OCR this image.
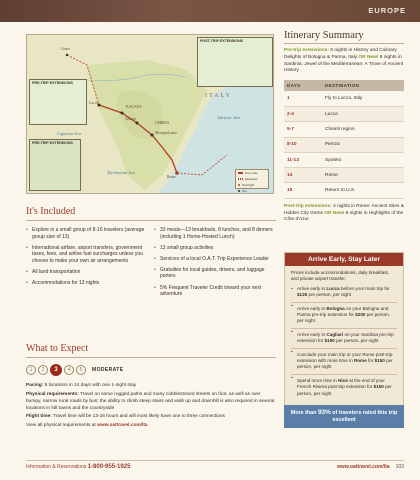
EUROPE
PRE-TRIP EXTENSIONS
PRE-TRIP EXTENSIONS
POST-TRIP EXTENSIONS
ITALY
TUSCANY
UMBRIA
Ligurian Sea
Tyrrhenian Sea
Adriatic Sea
Como
Lucca
Chianti
Montepulciano
Rome
Tour route
Extension
Overnight
City
Itinerary Summary

Pre-trip extensions: 6 nights in History and Culinary Delights of Bologna & Parma, Italy OR New! 6 nights in Sardinia: Jewel of the Mediterranean: A Trove of Ancient History

DAYS	DESTINATION
1	Fly to Lucca, Italy
2-4	Lucca
5-7	Chianti region
8-10	Pienza
11-13	Spoleto
14	Rome
15	Return to U.S.

Post-trip extensions: 4 nights in Rome: Ancient Sites & Hidden City Gems OR New! 6 nights in Highlights of the Côte d'Azur

Arrive Early, Stay Later

Prices include accommodations, daily breakfast, and private airport transfer.

• Arrive early in Lucca before your main trip for $125 per person, per night
• Arrive early in Bologna on your Bologna and Parma pre-trip extension for $200 per person, per night
• Arrive early in Cagliari on your Sardinia pre-trip extension for $150 per person, per night
• Conclude your main trip or your Rome post-trip extension with more time in Rome for $150 per person, per night
• Spend more time in Nice at the end of your French Riviera post-trip extension for $150 per person, per night
More than 93% of travelers rated this trip excellent
It's Included
• Explore in a small group of 8-16 travelers (average group size of 13)
• International airfare, airport transfers, government taxes, fees, and airline fuel surcharges unless you choose to make your own air arrangements
• All land transportation
• Accommodations for 13 nights
• 33 meals—13 breakfasts, 8 lunches, and 8 dinners (including 1 Home-Hosted Lunch)
• 13 small group activities
• Services of a local O.A.T. Trip Experience Leader
• Gratuities for local guides, drivers, and luggage porters
• 5% Frequent Traveler Credit toward your next adventure
What to Expect
1	2	3	4	5	MODERATE

Pacing: 5 locations in 14 days with one 1-night stay

Physical requirements: Travel on some rugged paths and many cobblestoned streets on foot, as well as over bumpy, narrow rural roads by bus; the ability to climb steep stairs and walk up and downhill is also required in several locations in hill towns and the countryside

Flight time: Travel time will be 13-16 hours and will most likely have one to three connections

View all physical requirements at www.oattravel.com/lta

Information & Reservations 1-800-955-1925	www.oattravel.com/lta 103
